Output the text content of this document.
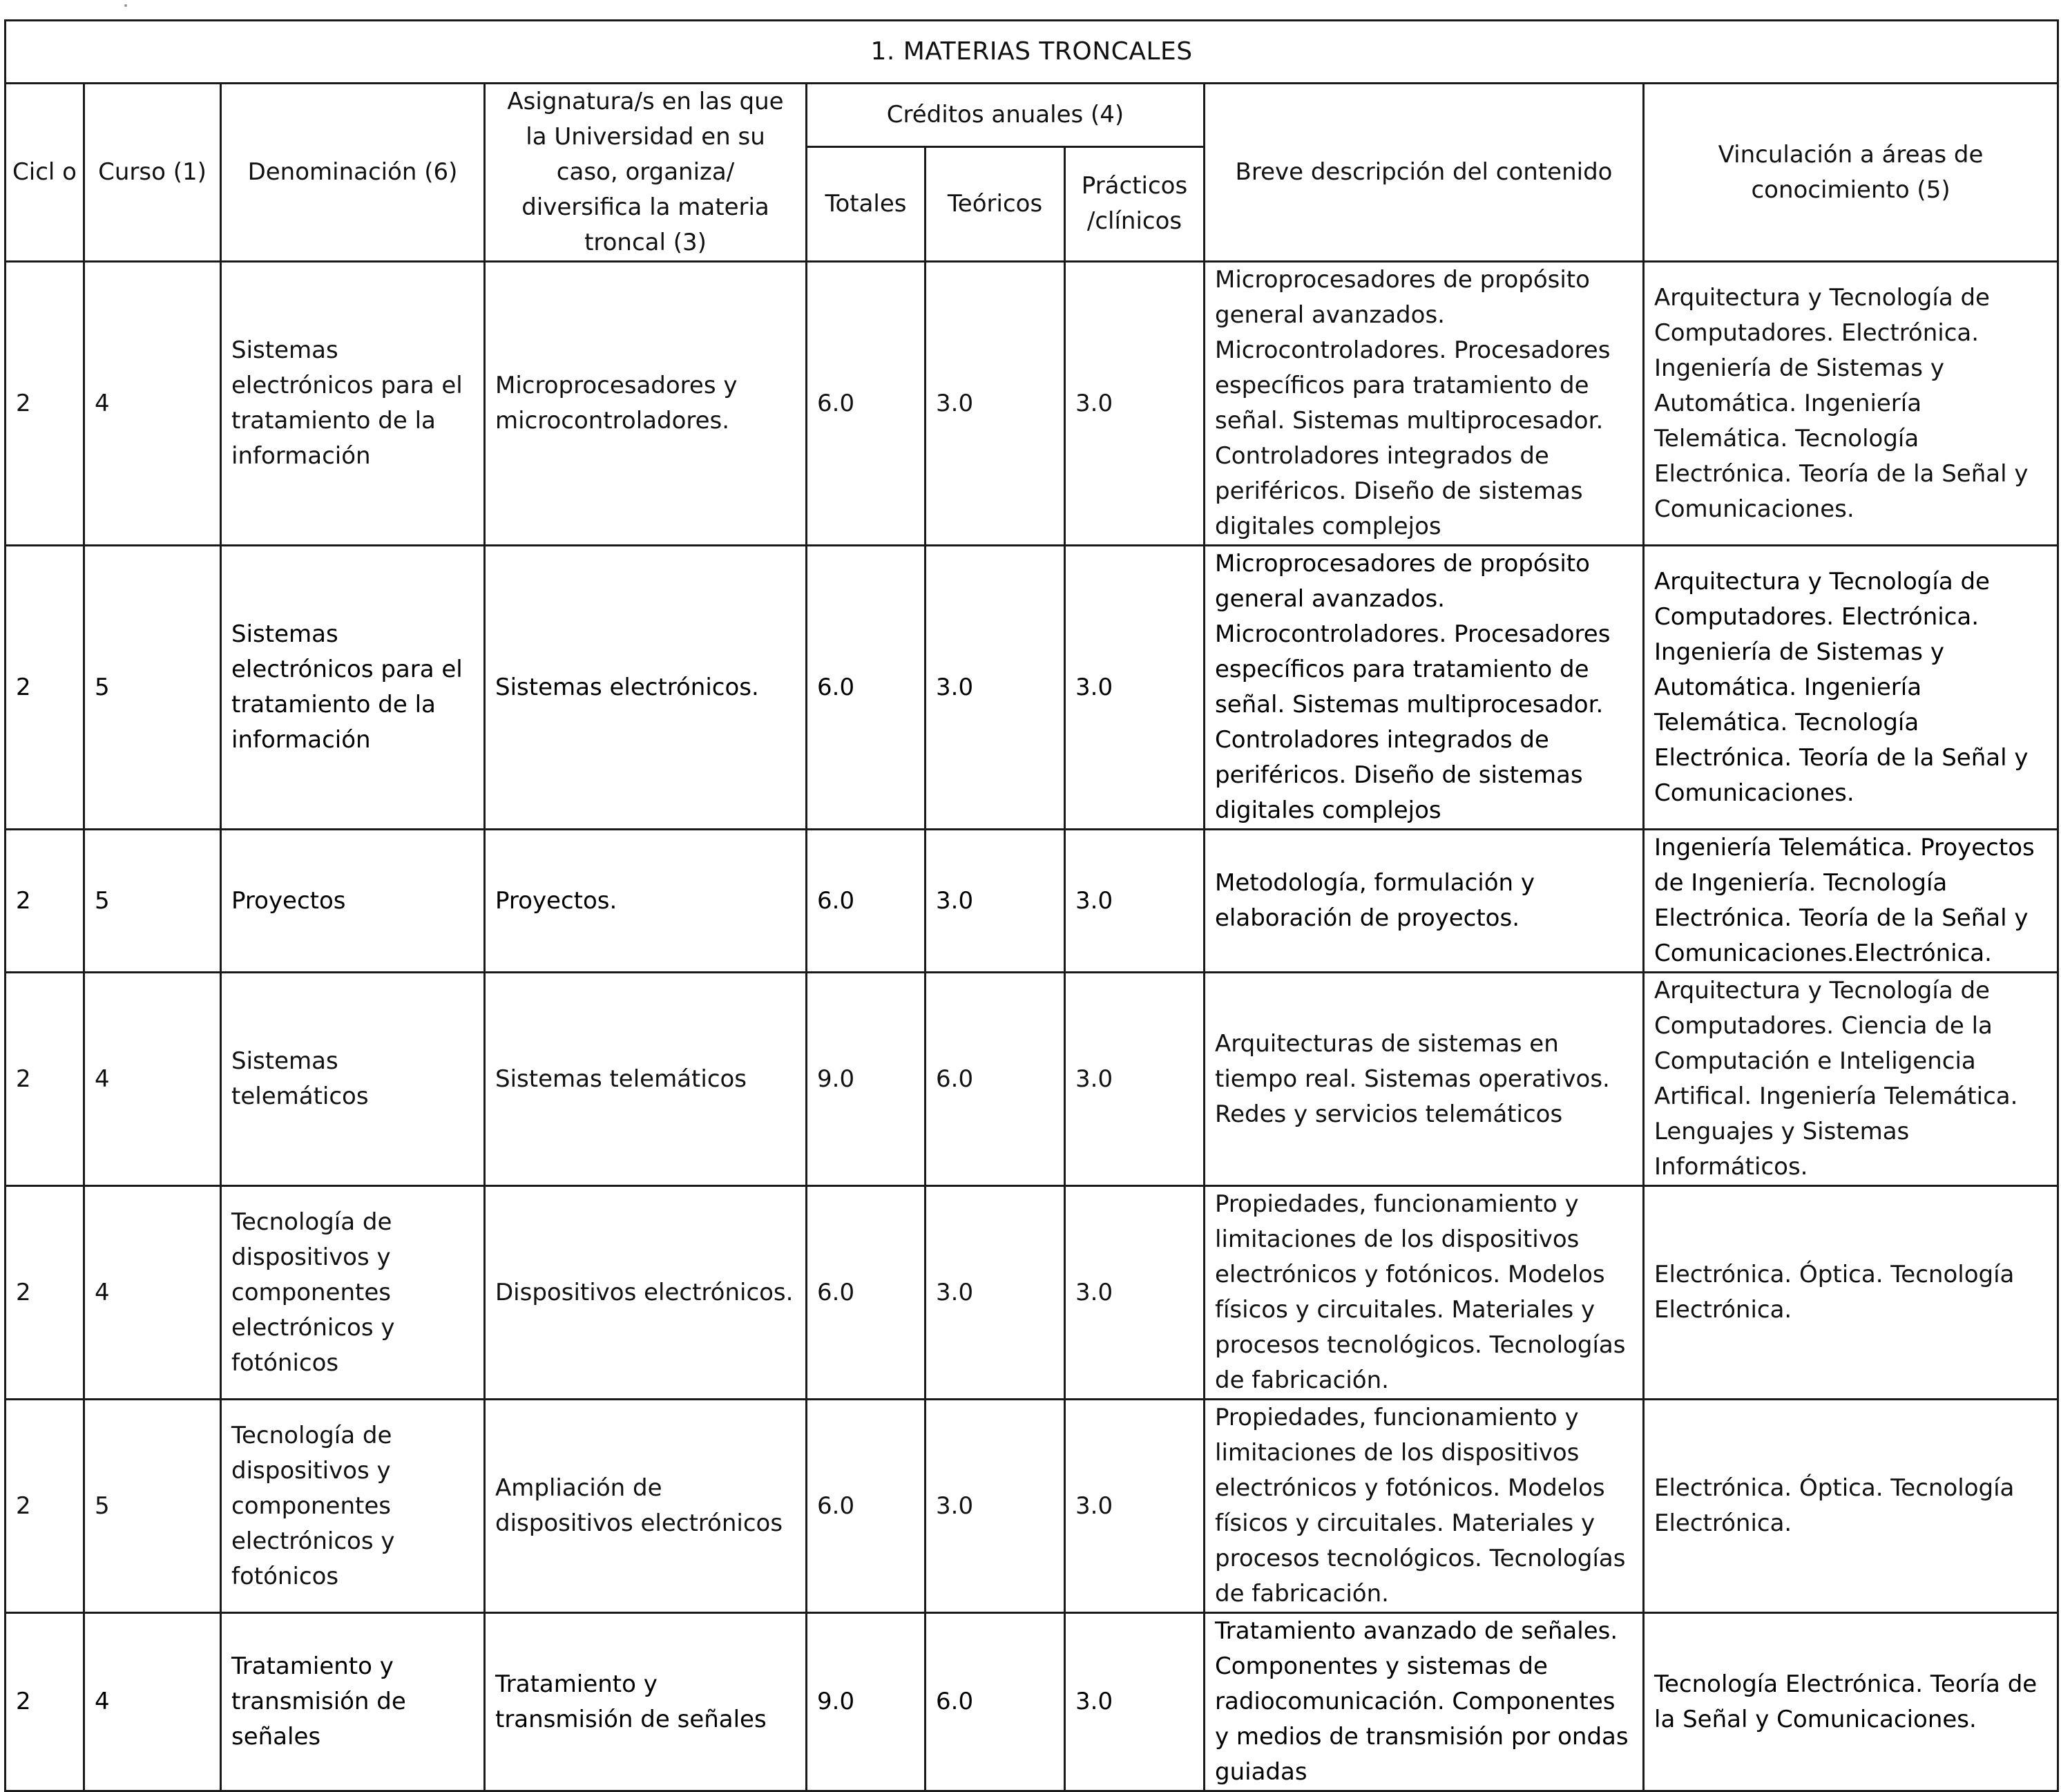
1. MATERIAS TRONCALES								
Cicl o	Curso (1)	Denominación (6)	Asignatura/s en las que la Universidad en su caso, organiza/ diversifica la materia troncal (3)	Créditos anuales (4)			Breve descripción del contenido	Vinculación a áreas de conocimiento (5)
				Totales	Teóricos	Prácticos /clínicos		
2	4	Sistemas electrónicos para el tratamiento de la información	Microprocesadores y microcontroladores.	6.0	3.0	3.0	Microprocesadores de propósito general avanzados. Microcontroladores. Procesadores específicos para tratamiento de señal. Sistemas multiprocesador. Controladores integrados de periféricos. Diseño de sistemas digitales complejos	Arquitectura y Tecnología de Computadores. Electrónica. Ingeniería de Sistemas y Automática. Ingeniería Telemática. Tecnología Electrónica. Teoría de la Señal y Comunicaciones.
2	5	Sistemas electrónicos para el tratamiento de la información	Sistemas electrónicos.	6.0	3.0	3.0	Microprocesadores de propósito general avanzados. Microcontroladores. Procesadores específicos para tratamiento de señal. Sistemas multiprocesador. Controladores integrados de periféricos. Diseño de sistemas digitales complejos	Arquitectura y Tecnología de Computadores. Electrónica. Ingeniería de Sistemas y Automática. Ingeniería Telemática. Tecnología Electrónica. Teoría de la Señal y Comunicaciones.
2	5	Proyectos	Proyectos.	6.0	3.0	3.0	Metodología, formulación y elaboración de proyectos.	Ingeniería Telemática. Proyectos de Ingeniería. Tecnología Electrónica. Teoría de la Señal y Comunicaciones.Electrónica.
2	4	Sistemas telemáticos	Sistemas telemáticos	9.0	6.0	3.0	Arquitecturas de sistemas en tiempo real. Sistemas operativos. Redes y servicios telemáticos	Arquitectura y Tecnología de Computadores. Ciencia de la Computación e Inteligencia Artifical. Ingeniería Telemática. Lenguajes y Sistemas Informáticos.
2	4	Tecnología de dispositivos y componentes electrónicos y fotónicos	Dispositivos electrónicos.	6.0	3.0	3.0	Propiedades, funcionamiento y limitaciones de los dispositivos electrónicos y fotónicos. Modelos físicos y circuitales. Materiales y procesos tecnológicos. Tecnologías de fabricación.	Electrónica. Óptica. Tecnología Electrónica.
2	5	Tecnología de dispositivos y componentes electrónicos y fotónicos	Ampliación de dispositivos electrónicos	6.0	3.0	3.0	Propiedades, funcionamiento y limitaciones de los dispositivos electrónicos y fotónicos. Modelos físicos y circuitales. Materiales y procesos tecnológicos. Tecnologías de fabricación.	Electrónica. Óptica. Tecnología Electrónica.
2	4	Tratamiento y transmisión de señales	Tratamiento y transmisión de señales	9.0	6.0	3.0	Tratamiento avanzado de señales. Componentes y sistemas de radiocomunicación. Componentes y medios de transmisión por ondas guiadas	Tecnología Electrónica. Teoría de la Señal y Comunicaciones.
